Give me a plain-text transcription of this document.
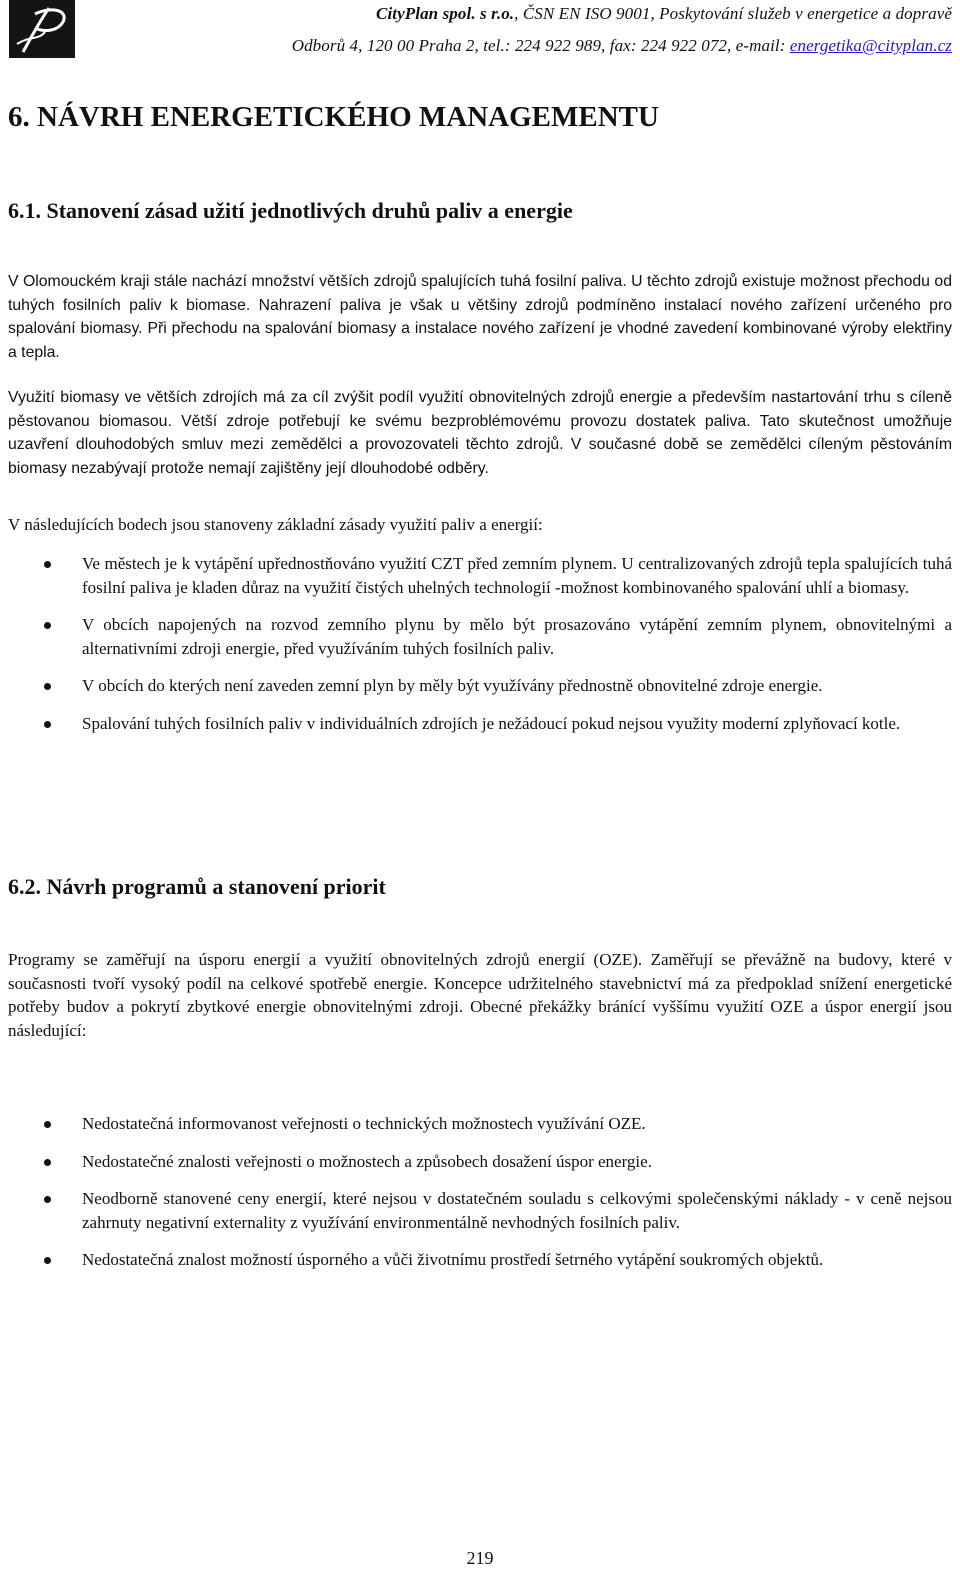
CityPlan spol. s r.o., ČSN EN ISO 9001, Poskytování služeb v energetice a dopravě
Odborů 4, 120 00 Praha 2, tel.: 224 922 989, fax: 224 922 072, e-mail: energetika@cityplan.cz
6. NÁVRH ENERGETICKÉHO MANAGEMENTU
6.1. Stanovení zásad užití jednotlivých druhů paliv a energie

V Olomouckém kraji stále nachází množství větších zdrojů spalujících tuhá fosilní paliva. U těchto zdrojů existuje možnost přechodu od tuhých fosilních paliv k biomase. Nahrazení paliva je však u většiny zdrojů podmíněno instalací nového zařízení určeného pro spalování biomasy. Při přechodu na spalování biomasy a instalace nového zařízení je vhodné zavedení kombinované výroby elektřiny a tepla.

Využití biomasy ve větších zdrojích má za cíl zvýšit podíl využití obnovitelných zdrojů energie a především nastartování trhu s cíleně pěstovanou biomasou. Větší zdroje potřebují ke svému bezproblémovému provozu dostatek paliva. Tato skutečnost umožňuje uzavření dlouhodobých smluv mezi zemědělci a provozovateli těchto zdrojů. V současné době se zemědělci cíleným pěstováním biomasy nezabývají protože nemají zajištěny její dlouhodobé odběry.

V následujících bodech jsou stanoveny základní zásady využití paliv a energií:

Ve městech je k vytápění upřednostňováno využití CZT před zemním plynem. U centralizovaných zdrojů tepla spalujících tuhá fosilní paliva je kladen důraz na využití čistých uhelných technologií -možnost kombinovaného spalování uhlí a biomasy.
V obcích napojených na rozvod zemního plynu by mělo být prosazováno vytápění zemním plynem, obnovitelnými a alternativními zdroji energie, před využíváním tuhých fosilních paliv.
V obcích do kterých není zaveden zemní plyn by měly být využívány přednostně obnovitelné zdroje energie.
Spalování tuhých fosilních paliv v individuálních zdrojích je nežádoucí pokud nejsou využity moderní zplyňovací kotle.
6.2. Návrh programů a stanovení priorit

Programy se zaměřují na úsporu energií a využití obnovitelných zdrojů energií (OZE). Zaměřují se převážně na budovy, které v současnosti tvoří vysoký podíl na celkové spotřebě energie. Koncepce udržitelného stavebnictví má za předpoklad snížení energetické potřeby budov a pokrytí zbytkové energie obnovitelnými zdroji. Obecné překážky bránící vyššímu využití OZE a úspor energií jsou následující:

Nedostatečná informovanost veřejnosti o technických možnostech využívání OZE.
Nedostatečné znalosti veřejnosti o možnostech a způsobech dosažení úspor energie.
Neodborně stanovené ceny energií, které nejsou v dostatečném souladu s celkovými společenskými náklady - v ceně nejsou zahrnuty negativní externality z využívání environmentálně nevhodných fosilních paliv.
Nedostatečná znalost možností úsporného a vůči životnímu prostředí šetrného vytápění soukromých objektů.
219
